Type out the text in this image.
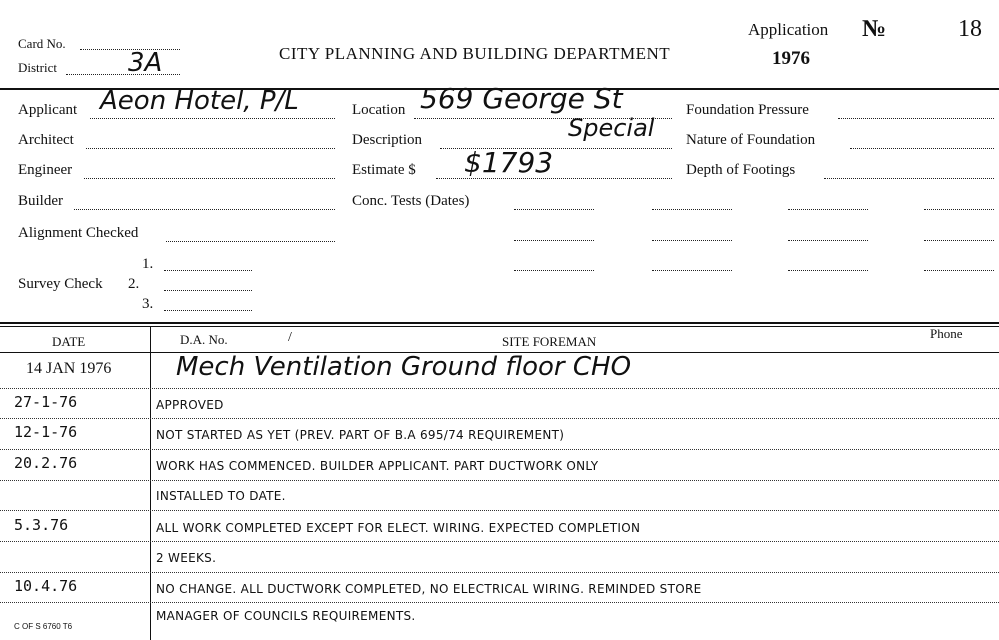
Card No.
District	3A	CITY PLANNING AND BUILDING DEPARTMENT
Application
1976
№	18
Applicant Aeon Hotel, P/L
Architect
Engineer
Builder
Alignment Checked
Survey Check
1.
2.
3.
Location 569 George St
Description	Special
Estimate $ $1793
Conc. Tests (Dates)
Foundation Pressure
Nature of Foundation
Depth of Footings
DATE	D.A. No.	/	SITE FOREMAN
Phone
14 JAN 1976 Mech Ventilation Ground floor CHO
27-1-76	APPROVED
12-1-76	NOT STARTED AS YET (PREV. PART OF B.A 695/74 REQUIREMENT)
20.2.76	WORK HAS COMMENCED. BUILDER APPLICANT. PART DUCTWORK ONLY
INSTALLED TO DATE.
5.3.76	ALL WORK COMPLETED EXCEPT FOR ELECT. WIRING. EXPECTED COMPLETION
2 WEEKS.
10.4.76	NO CHANGE. ALL DUCTWORK COMPLETED, NO ELECTRICAL WIRING. REMINDED STORE
MANAGER OF COUNCILS REQUIREMENTS.
C OF S 6760 T6
